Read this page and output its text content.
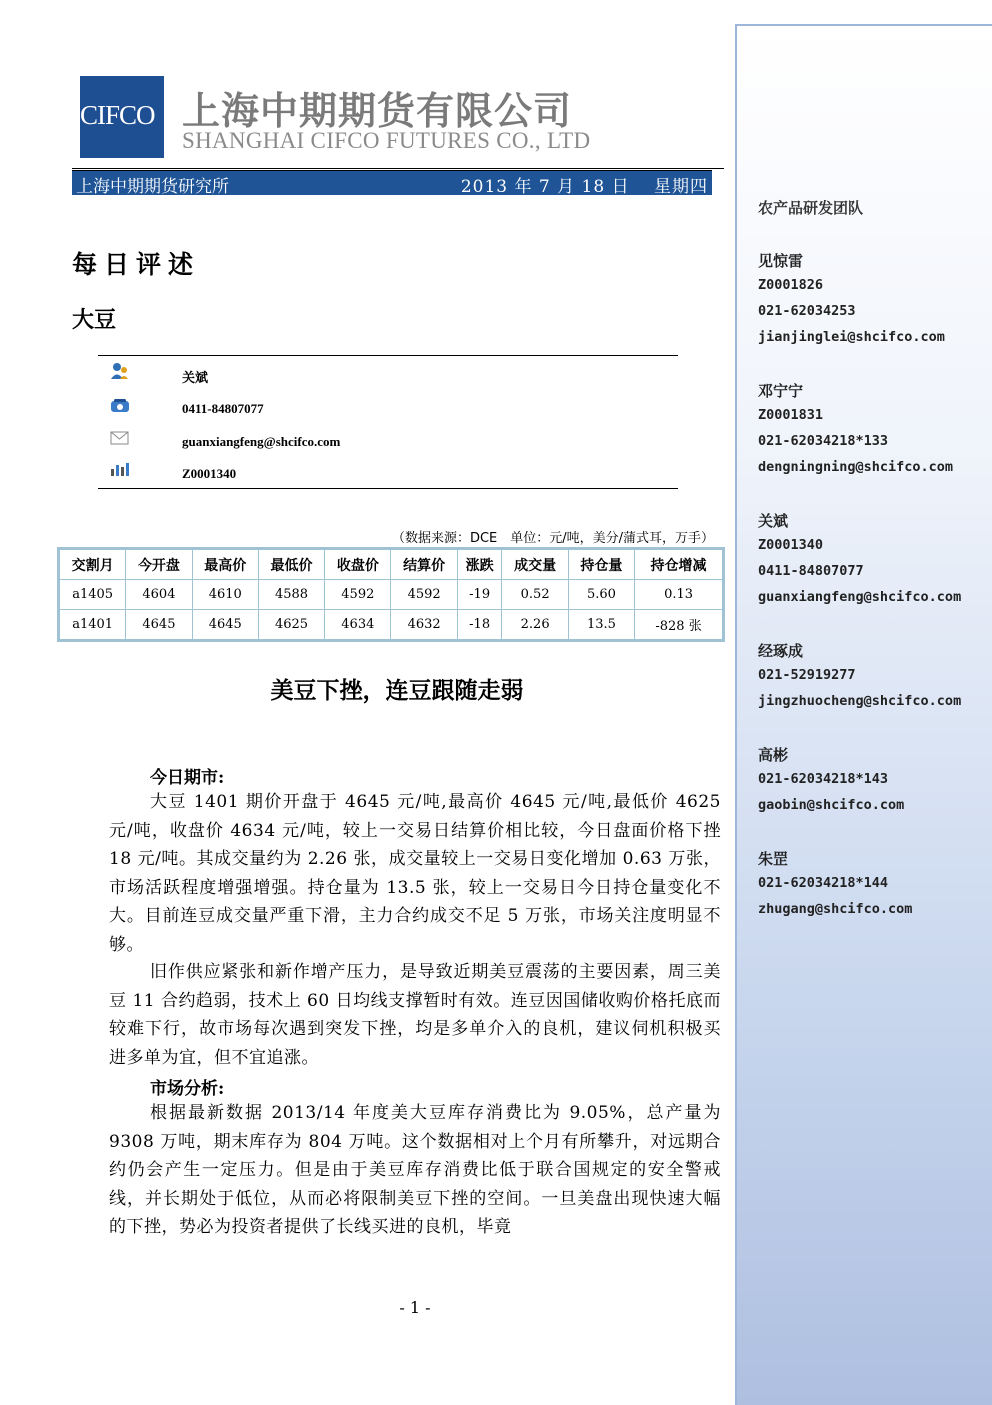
CIFCO 上海中期期货有限公司
SHANGHAI CIFCO FUTURES CO., LTD
上海中期期货研究所	2013 年 7 月 18 日　 星期四
每日评述
大豆
关斌
0411-84807077
guanxiangfeng@shcifco.com
Z0001340
（数据来源：DCE　单位：元/吨，美分/蒲式耳，万手）
交割月	今开盘	最高价	最低价	收盘价	结算价	涨跌	成交量	持仓量	持仓增减
a1405	4604	4610	4588	4592	4592	-19	0.52	5.60	0.13
a1401	4645	4645	4625	4634	4632	-18	2.26	13.5	-828 张
美豆下挫，连豆跟随走弱
今日期市:
大豆 1401 期价开盘于 4645 元/吨,最高价 4645 元/吨,最低价 4625 元/吨，收盘价 4634 元/吨，较上一交易日结算价相比较，今日盘面价格下挫 18 元/吨。其成交量约为 2.26 张，成交量较上一交易日变化增加 0.63 万张，市场活跃程度增强增强。持仓量为 13.5 张，较上一交易日今日持仓量变化不大。目前连豆成交量严重下滑，主力合约成交不足 5 万张，市场关注度明显不够。
旧作供应紧张和新作增产压力，是导致近期美豆震荡的主要因素，周三美豆 11 合约趋弱，技术上 60 日均线支撑暂时有效。连豆因国储收购价格托底而较难下行，故市场每次遇到突发下挫，均是多单介入的良机，建议伺机积极买进多单为宜，但不宜追涨。
市场分析:
根据最新数据 2013/14 年度美大豆库存消费比为 9.05%，总产量为 9308 万吨，期末库存为 804 万吨。这个数据相对上个月有所攀升，对远期合约仍会产生一定压力。但是由于美豆库存消费比低于联合国规定的安全警戒线，并长期处于低位，从而必将限制美豆下挫的空间。一旦美盘出现快速大幅的下挫，势必为投资者提供了长线买进的良机，毕竟
- 1 -
农产品研发团队
见惊雷
Z0001826
021-62034253
jianjinglei@shcifco.com
邓宁宁
Z0001831
021-62034218*133
dengningning@shcifco.com
关斌
Z0001340
0411-84807077
guanxiangfeng@shcifco.com
经琢成
021-52919277
jingzhuocheng@shcifco.com
高彬
021-62034218*143
gaobin@shcifco.com
朱罡
021-62034218*144
zhugang@shcifco.com
